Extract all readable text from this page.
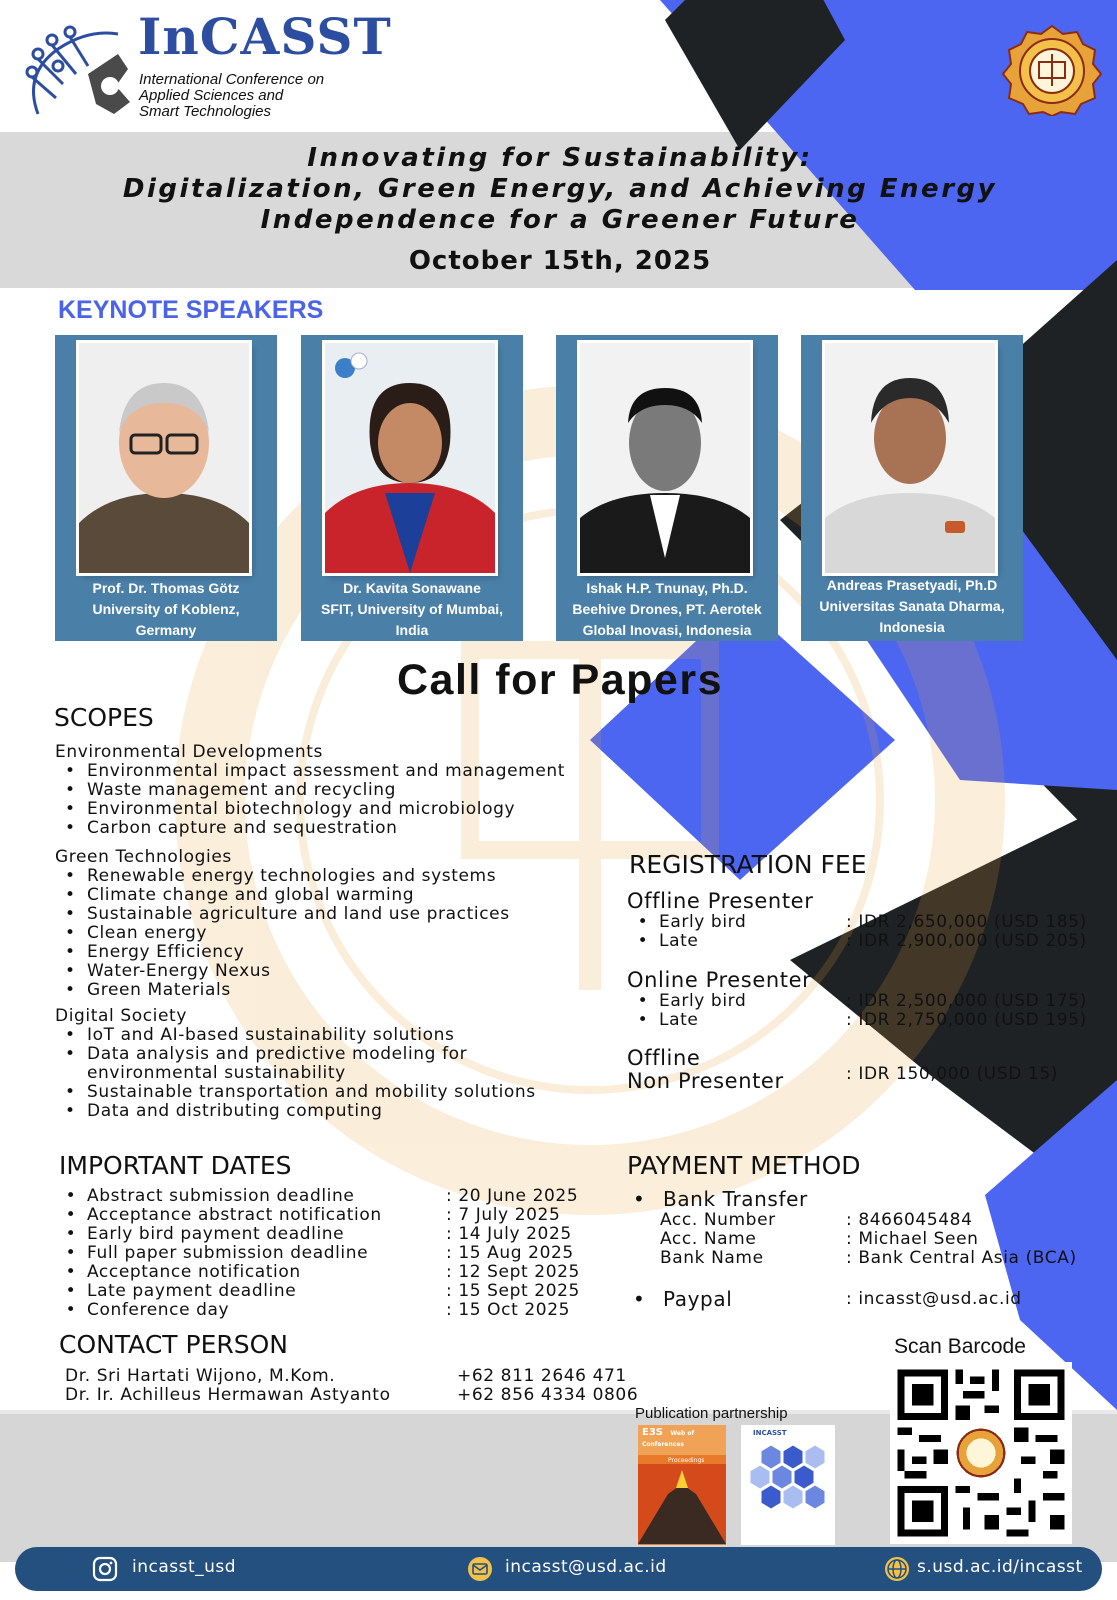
InCASST
International Conference on
Applied Sciences and
Smart Technologies
Innovating for Sustainability:
Digitalization, Green Energy, and Achieving Energy
Independence for a Greener Future
October 15th, 2025
KEYNOTE SPEAKERS
Prof. Dr. Thomas Götz
University of Koblenz,
Germany
Dr. Kavita Sonawane
SFIT, University of Mumbai,
India
Ishak H.P. Tnunay, Ph.D.
Beehive Drones, PT. Aerotek
Global Inovasi, Indonesia
Andreas Prasetyadi, Ph.D
Universitas Sanata Dharma,
Indonesia
Call for Papers
SCOPES
Environmental Developments
• Environmental impact assessment and management
• Waste management and recycling
• Environmental biotechnology and microbiology
• Carbon capture and sequestration
Green Technologies
• Renewable energy technologies and systems
• Climate change and global warming
• Sustainable agriculture and land use practices
• Clean energy
• Energy Efficiency
• Water-Energy Nexus
• Green Materials
Digital Society
• IoT and AI-based sustainability solutions
• Data analysis and predictive modeling for environmental sustainability
• Sustainable transportation and mobility solutions
• Data and distributing computing
REGISTRATION FEE
Offline Presenter
• Early bird	: IDR 2,650,000 (USD 185)
• Late	: IDR 2,900,000 (USD 205)
Online Presenter
• Early bird	: IDR 2,500,000 (USD 175)
• Late	: IDR 2,750,000 (USD 195)
Offline
Non Presenter	: IDR 150,000 (USD 15)
IMPORTANT DATES
• Abstract submission deadline	: 20 June 2025
• Acceptance abstract notification	: 7 July 2025
• Early bird payment deadline	: 14 July 2025
• Full paper submission deadline	: 15 Aug 2025
• Acceptance notification	: 12 Sept 2025
• Late payment deadline	: 15 Sept 2025
• Conference day	: 15 Oct 2025
PAYMENT METHOD
• Bank Transfer
Acc. Number	: 8466045484
Acc. Name	: Michael Seen
Bank Name	: Bank Central Asia (BCA)
• Paypal	: incasst@usd.ac.id
CONTACT PERSON
Dr. Sri Hartati Wijono, M.Kom.	+62 811 2646 471
Dr. Ir. Achilleus Hermawan Astyanto	+62 856 4334 0806
Publication partnership
E3S Web of Conferences
Proceedings
INCASST
Scan Barcode
incasst_usd	incasst@usd.ac.id	s.usd.ac.id/incasst
